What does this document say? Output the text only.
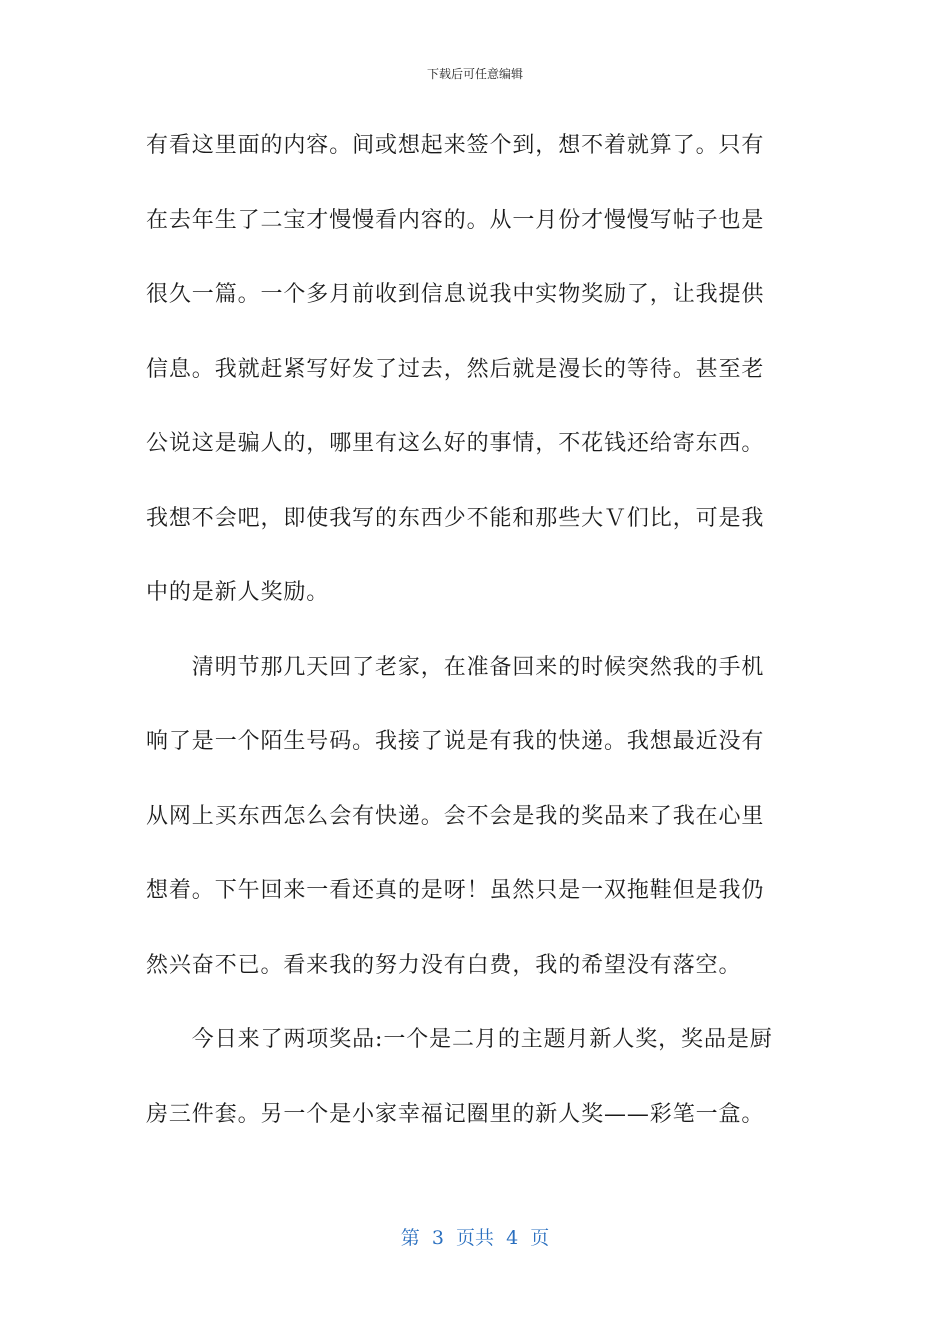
下载后可任意编辑
有看这里面的内容。间或想起来签个到，想不着就算了。只有
在去年生了二宝才慢慢看内容的。从一月份才慢慢写帖子也是
很久一篇。一个多月前收到信息说我中实物奖励了，让我提供
信息。我就赶紧写好发了过去，然后就是漫长的等待。甚至老
公说这是骗人的，哪里有这么好的事情，不花钱还给寄东西。
我想不会吧，即使我写的东西少不能和那些大Ｖ们比，可是我
中的是新人奖励。
　　清明节那几天回了老家，在准备回来的时候突然我的手机
响了是一个陌生号码。我接了说是有我的快递。我想最近没有
从网上买东西怎么会有快递。会不会是我的奖品来了我在心里
想着。下午回来一看还真的是呀！虽然只是一双拖鞋但是我仍
然兴奋不已。看来我的努力没有白费，我的希望没有落空。
　　今日来了两项奖品:一个是二月的主题月新人奖，奖品是厨
房三件套。另一个是小家幸福记圈里的新人奖——彩笔一盒。
第  3  页共  4  页
